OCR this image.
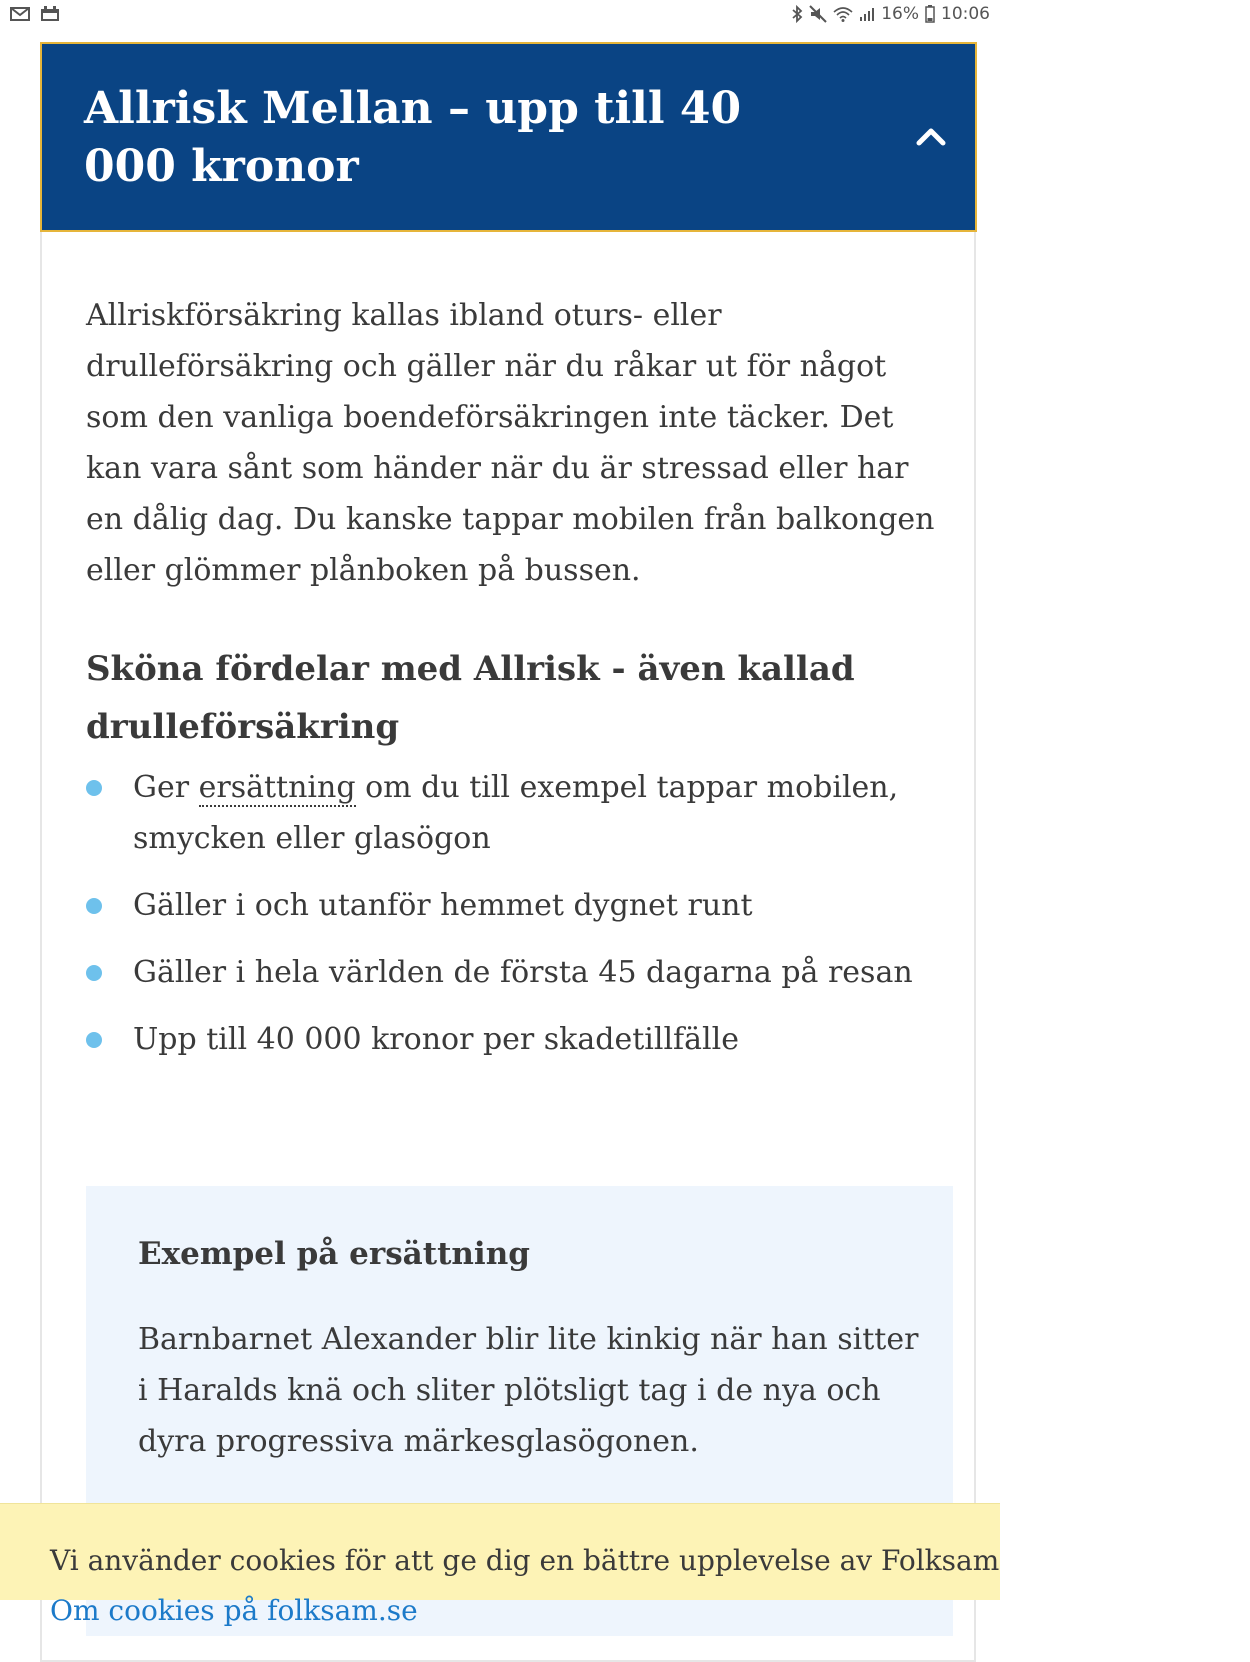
16% 10:06
Allrisk Mellan – upp till 40 000 kronor

Allriskförsäkring kallas ibland oturs- eller drulleförsäkring och gäller när du råkar ut för något som den vanliga boendeförsäkringen inte täcker. Det kan vara sånt som händer när du är stressad eller har en dålig dag. Du kanske tappar mobilen från balkongen eller glömmer plånboken på bussen.

Sköna fördelar med Allrisk - även kallad drulleförsäkring
Ger ersättning om du till exempel tappar mobilen, smycken eller glasögon
Gäller i och utanför hemmet dygnet runt
Gäller i hela världen de första 45 dagarna på resan
Upp till 40 000 kronor per skadetillfälle
Exempel på ersättning

Barnbarnet Alexander blir lite kinkig när han sitter i Haralds knä och sliter plötsligt tag i de nya och dyra progressiva märkesglasögonen.

Vi använder cookies för att ge dig en bättre upplevelse av Folksam
Om cookies på folksam.se
